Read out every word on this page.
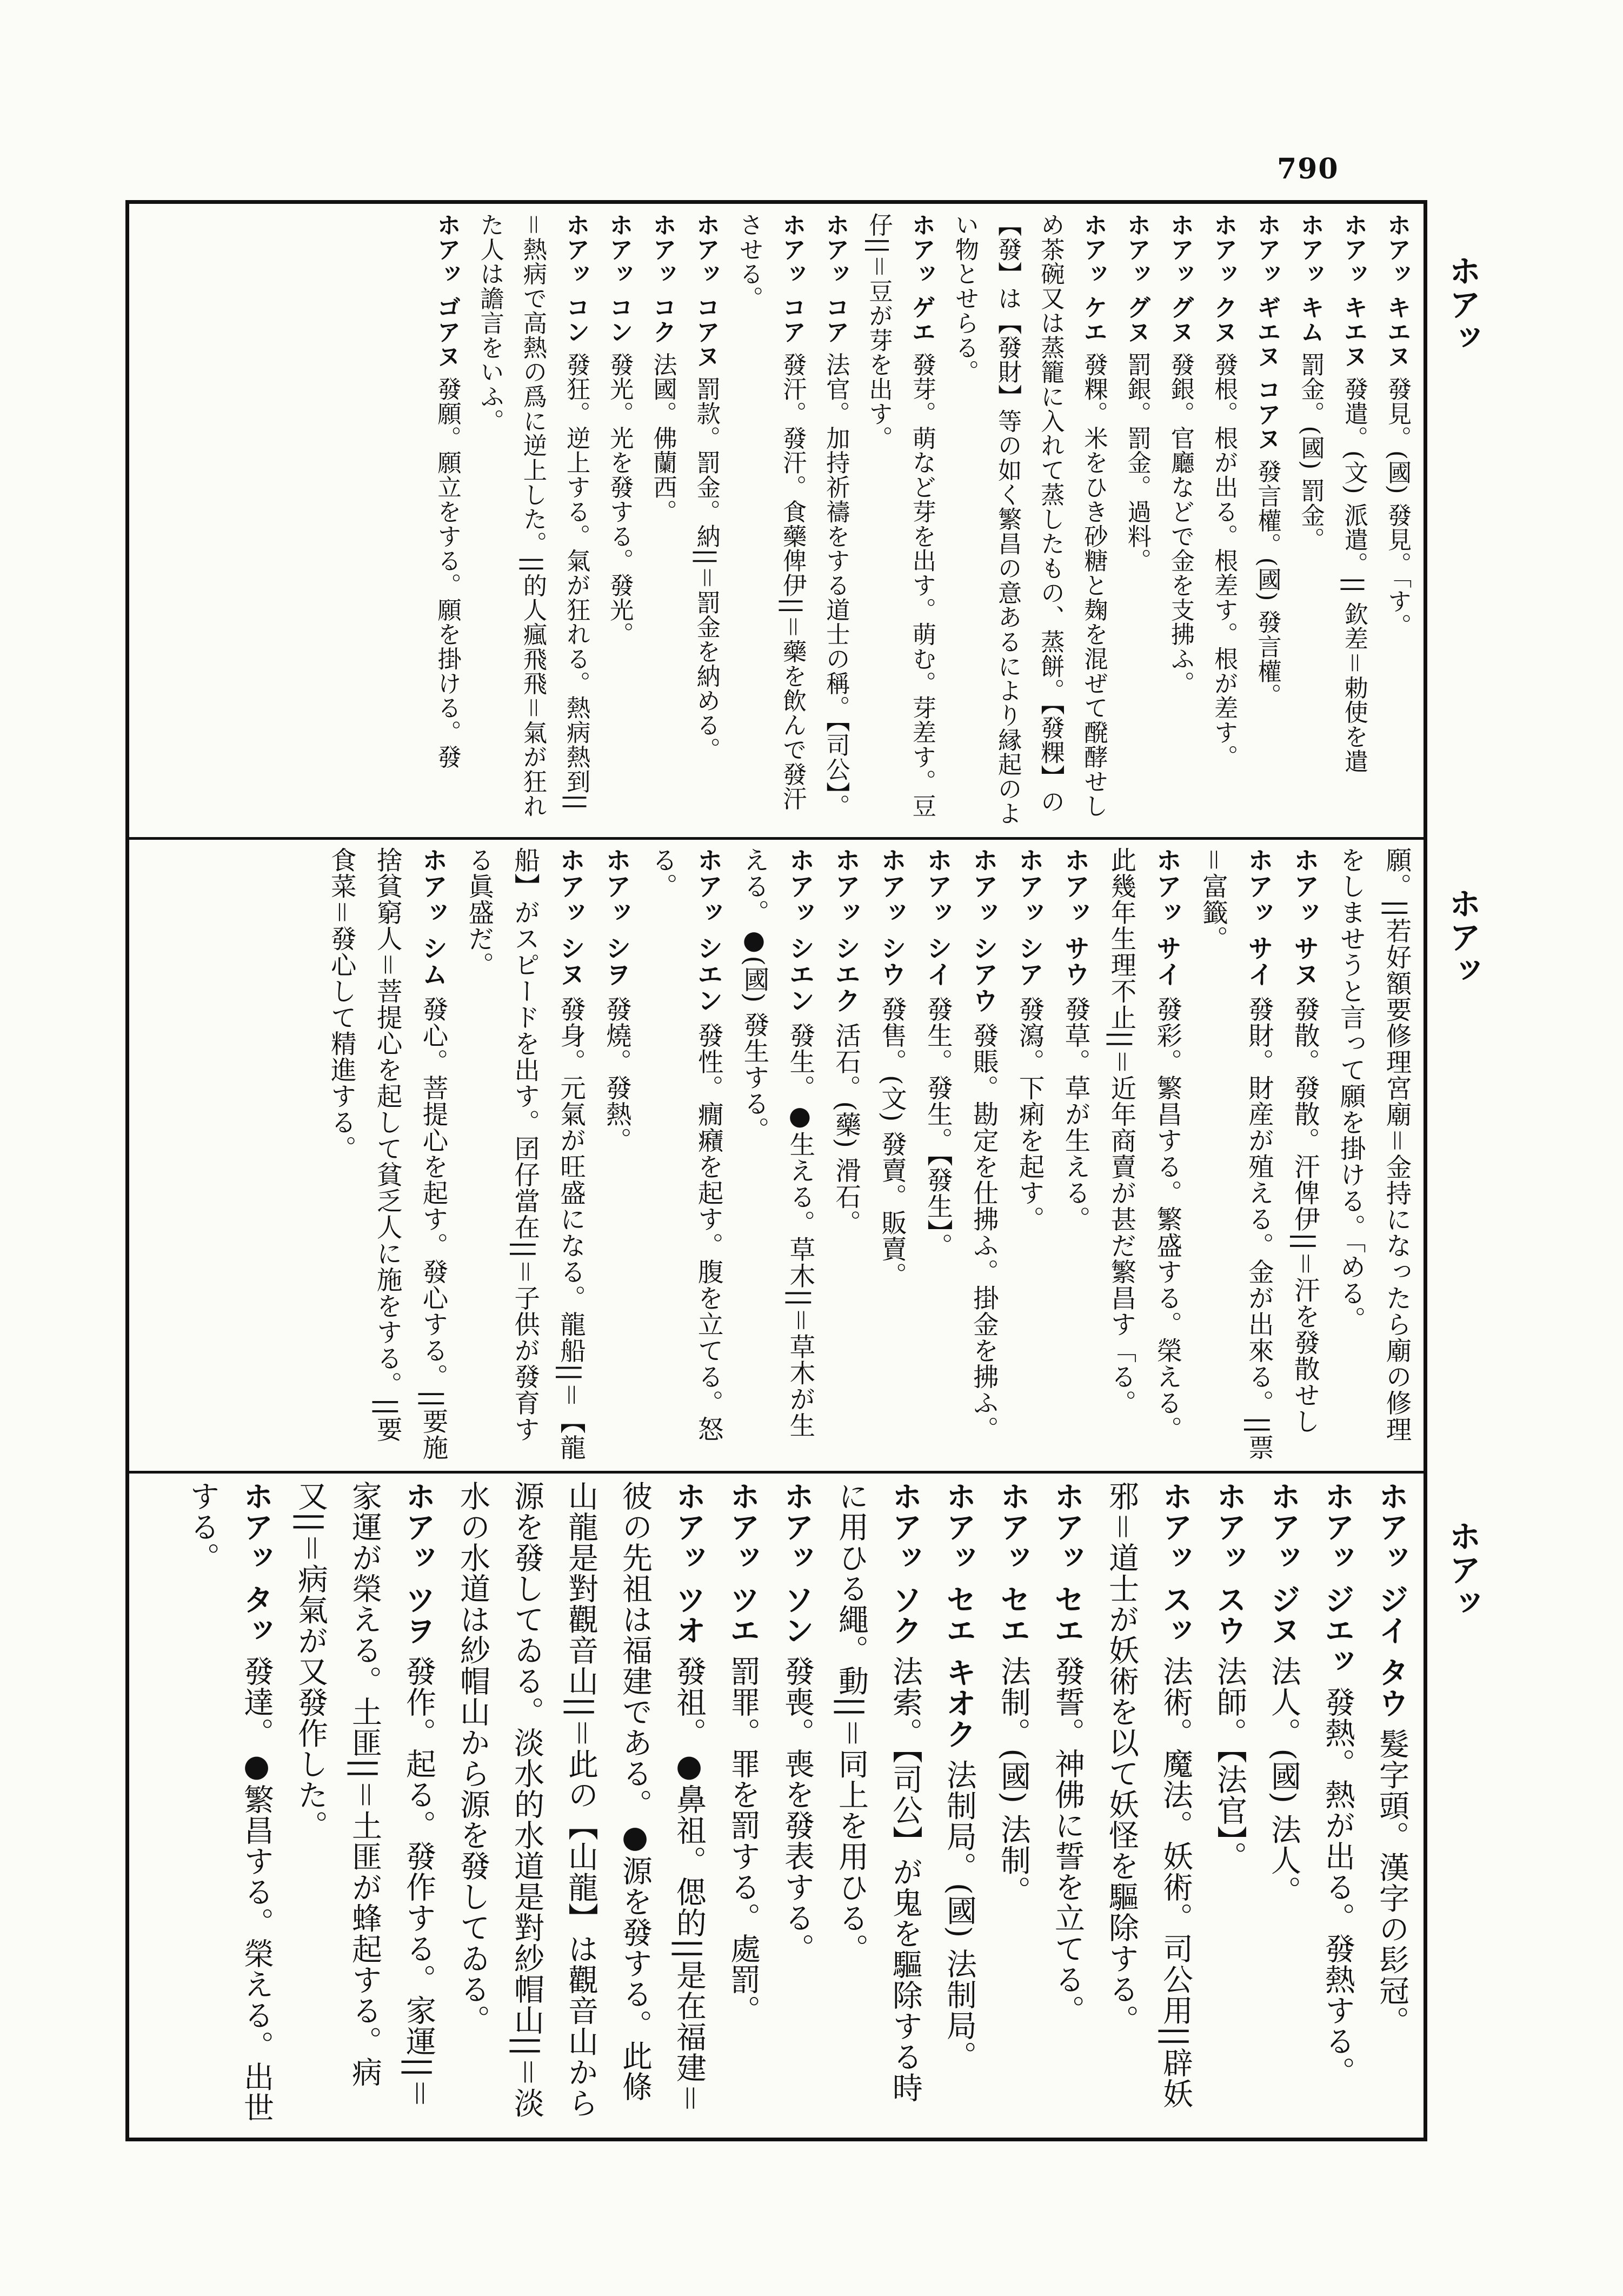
790
ホアッ
ホアッ
ホアッ
ホアッ キエヌ 發見。(國) 發見。「す。
ホアッ キエヌ 發遣。(文) 派遣。|| 欽差＝勅使を遣
ホアッ キム 罰金。(國) 罰金。
ホアッ ギエヌ コアヌ 發言權。(國) 發言權。
ホアッ クヌ 發根。根が出る。根差す。根が差す。
ホアッ グヌ 發銀。官廳などで金を支拂ふ。
ホアッ グヌ 罰銀。罰金。過料。
ホアッ ケエ 發粿。米をひき砂糖と麹を混ぜて醗酵せしめ茶碗又は蒸籠に入れて蒸したもの、蒸餅。【發粿】の【發】は【發財】等の如く繁昌の意あるにより縁起のよい物とせらる。
ホアッ ゲエ 發芽。萌など芽を出す。萌む。芽差す。豆仔||＝豆が芽を出す。
ホアッ コア 法官。加持祈禱をする道士の稱。【司公】。
ホアッ コア 發汗。發汗。食藥俾伊||＝藥を飲んで發汗させる。
ホアッ コアヌ 罰款。罰金。納||＝罰金を納める。
ホアッ コク 法國。佛蘭西。
ホアッ コン 發光。光を發する。發光。
ホアッ コン 發狂。逆上する。氣が狂れる。熱病熱到||＝熱病で高熱の爲に逆上した。||的人瘋飛飛＝氣が狂れた人は譫言をいふ。
ホアッ ゴアヌ 發願。願立をする。願を掛ける。發
願。||若好額要修理宮廟＝金持になったら廟の修理をしませうと言って願を掛ける。「める。
ホアッ サヌ 發散。發散。汗俾伊||＝汗を發散せし
ホアッ サイ 發財。財産が殖える。金が出來る。||票＝富籤。
ホアッ サイ 發彩。繁昌する。繁盛する。榮える。此幾年生理不止||＝近年商賣が甚だ繁昌す「る。
ホアッ サウ 發草。草が生える。
ホアッ シア 發瀉。下痢を起す。
ホアッ シアウ 發賬。勘定を仕拂ふ。掛金を拂ふ。
ホアッ シイ 發生。發生。【發生】。
ホアッ シウ 發售。(文) 發賣。販賣。
ホアッ シエク 活石。(藥) 滑石。
ホアッ シエン 發生。●生える。草木||＝草木が生える。●(國) 發生する。
ホアッ シエン 發性。癇癪を起す。腹を立てる。怒る。
ホアッ シヲ 發燒。發熱。
ホアッ シヌ 發身。元氣が旺盛になる。龍船||＝【龍船】がスピードを出す。囝仔當在||＝子供が發育する眞盛だ。
ホアッ シム 發心。菩提心を起す。發心する。||要施捨貧窮人＝菩提心を起して貧乏人に施をする。||要食菜＝發心して精進する。
ホアッ ジイ タウ 髮字頭。漢字の髟冠。
ホアッ ジエッ 發熱。熱が出る。發熱する。
ホアッ ジヌ 法人。(國) 法人。
ホアッ スウ 法師。【法官】。
ホアッ スッ 法術。魔法。妖術。司公用||辟妖邪＝道士が妖術を以て妖怪を驅除する。
ホアッ セエ 發誓。神佛に誓を立てる。
ホアッ セエ 法制。(國) 法制。
ホアッ セエ キオク 法制局。(國) 法制局。
ホアッ ソク 法索。【司公】が鬼を驅除する時に用ひる繩。動||＝同上を用ひる。
ホアッ ソン 發喪。喪を發表する。
ホアッ ツエ 罰罪。罪を罰する。處罰。
ホアッ ツオ 發祖。●鼻祖。偲的||是在福建＝彼の先祖は福建である。●源を發する。此條山龍是對觀音山||＝此の【山龍】は觀音山から源を發してゐる。淡水的水道是對紗帽山||＝淡水の水道は紗帽山から源を發してゐる。
ホアッ ツヲ 發作。起る。發作する。家運||＝家運が榮える。土匪||＝土匪が蜂起する。病又||＝病氣が又發作した。
ホアッ タッ 發達。●繁昌する。榮える。出世する。
